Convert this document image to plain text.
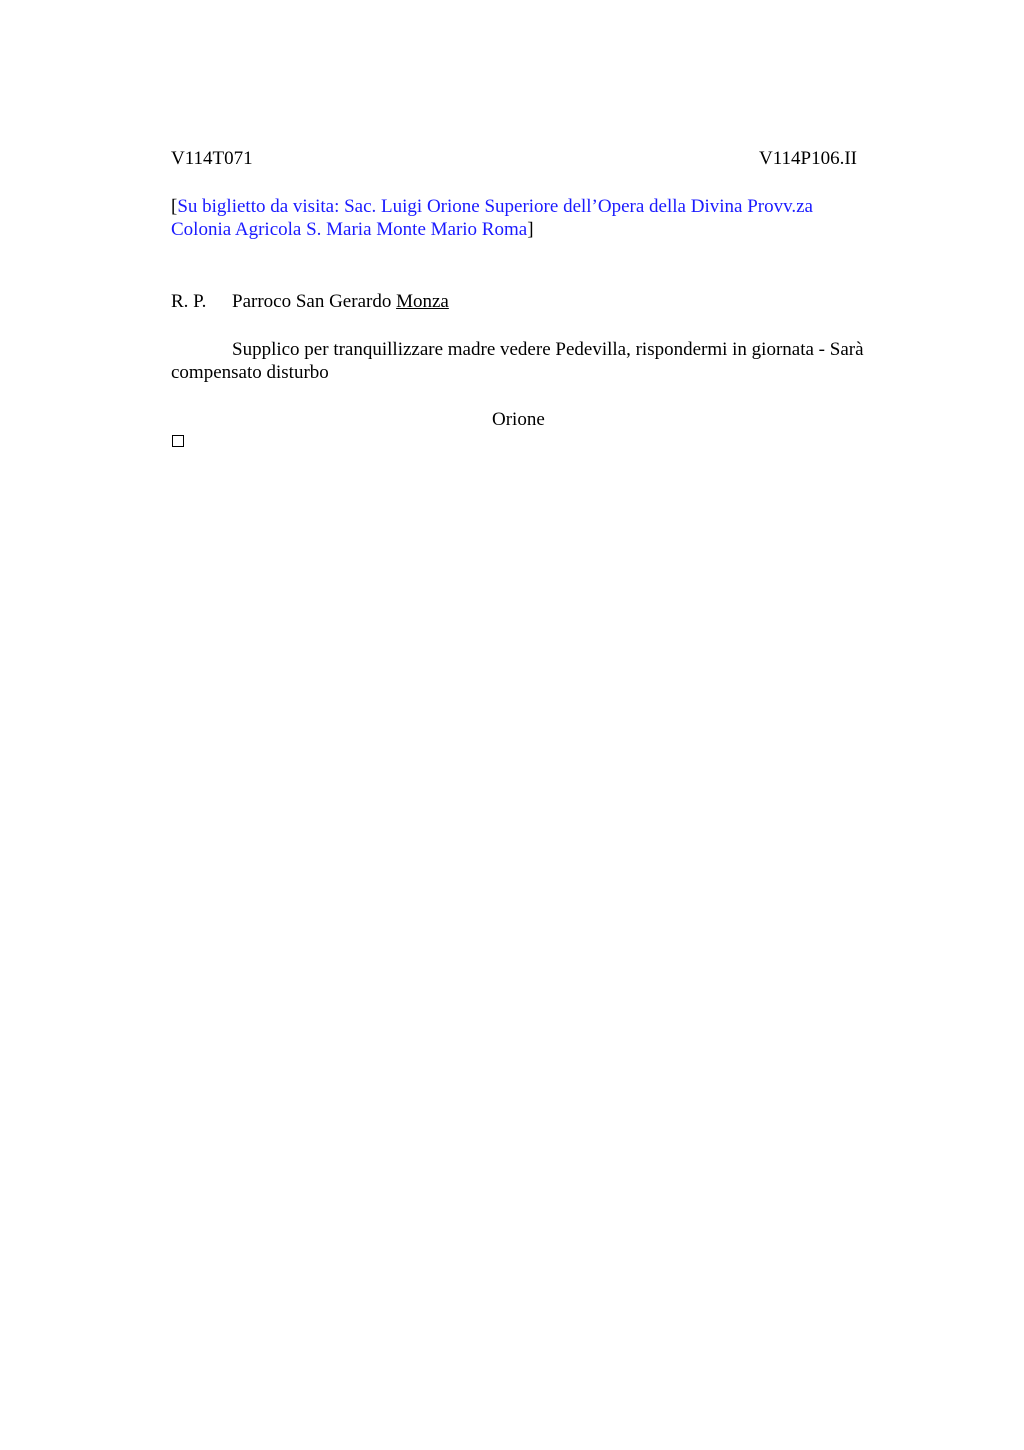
V114T071	V114P106.II
[Su biglietto da visita: Sac. Luigi Orione Superiore dell’Opera della Divina Provv.za
Colonia Agricola S. Maria Monte Mario Roma]
R. P. Parroco San Gerardo Monza
Supplico per tranquillizzare madre vedere Pedevilla, rispondermi in giornata - Sarà compensato disturbo
Orione
